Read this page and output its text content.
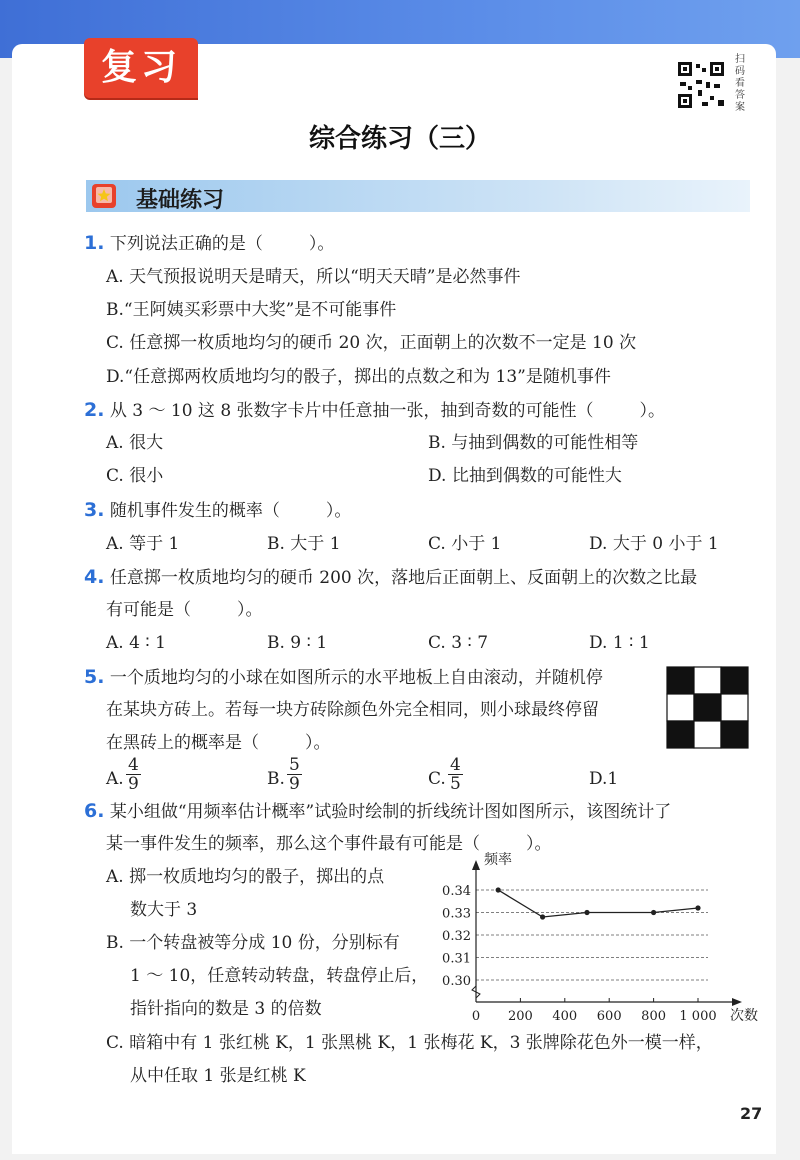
复习	扫码看答案
综合练习（三）
基础练习
1. 下列说法正确的是（	）。
A. 天气预报说明天是晴天，所以“明天天晴”是必然事件
B.“王阿姨买彩票中大奖”是不可能事件
C. 任意掷一枚质地均匀的硬币 20 次，正面朝上的次数不一定是 10 次
D.“任意掷两枚质地均匀的骰子，掷出的点数之和为 13”是随机事件
2. 从 3 ～ 10 这 8 张数字卡片中任意抽一张，抽到奇数的可能性（	）。
A. 很大	B. 与抽到偶数的可能性相等
C. 很小	D. 比抽到偶数的可能性大
3. 随机事件发生的概率（	）。
A. 等于 1	B. 大于 1	C. 小于 1	D. 大于 0 小于 1
4. 任意掷一枚质地均匀的硬币 200 次，落地后正面朝上、反面朝上的次数之比最
有可能是（	）。
A. 4 ∶ 1	B. 9 ∶ 1	C. 3 ∶ 7	D. 1 ∶ 1
5. 一个质地均匀的小球在如图所示的水平地板上自由滚动，并随机停
在某块方砖上。若每一块方砖除颜色外完全相同，则小球最终停留
在黑砖上的概率是（	）。
A. $\frac{4}{9}$	B. $\frac{5}{9}$	C. $\frac{4}{5}$	D.1
6. 某小组做“用频率估计概率”试验时绘制的折线统计图如图所示，该图统计了
某一事件发生的频率，那么这个事件最有可能是（	）。
A. 掷一枚质地均匀的骰子，掷出的点
数大于 3
B. 一个转盘被等分成 10 份，分别标有
1 ～ 10，任意转动转盘，转盘停止后，
指针指向的数是 3 的倍数
C. 暗箱中有 1 张红桃 K，1 张黑桃 K，1 张梅花 K，3 张牌除花色外一模一样，
从中任取 1 张是红桃 K
0.30
0.31
0.32
0.33
0.34
0 200 400 600 800 1 000
频率
次数
27
